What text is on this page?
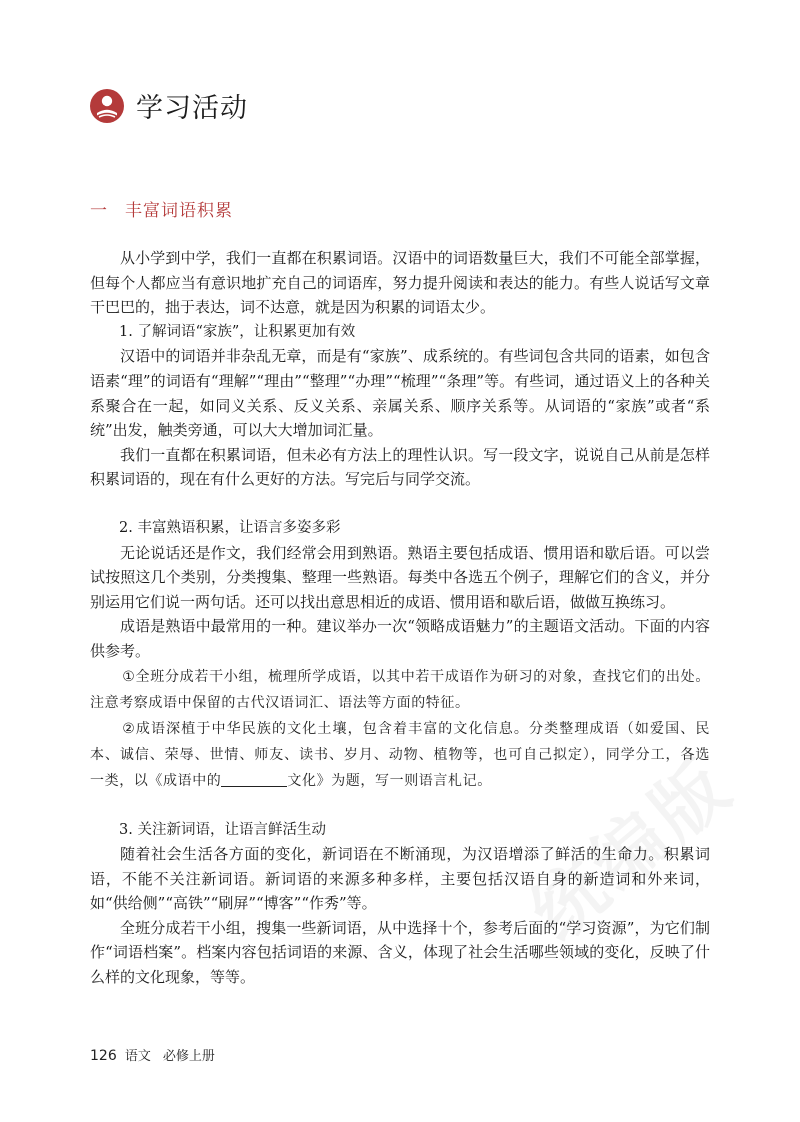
学习活动
一 丰富词语积累

从小学到中学，我们一直都在积累词语。汉语中的词语数量巨大，我们不可能全部掌握，但每个人都应当有意识地扩充自己的词语库，努力提升阅读和表达的能力。有些人说话写文章干巴巴的，拙于表达，词不达意，就是因为积累的词语太少。

1. 了解词语“家族”，让积累更加有效

汉语中的词语并非杂乱无章，而是有“家族”、成系统的。有些词包含共同的语素，如包含语素“理”的词语有“理解”“理由”“整理”“办理”“梳理”“条理”等。有些词，通过语义上的各种关系聚合在一起，如同义关系、反义关系、亲属关系、顺序关系等。从词语的“家族”或者“系统”出发，触类旁通，可以大大增加词汇量。

我们一直都在积累词语，但未必有方法上的理性认识。写一段文字，说说自己从前是怎样积累词语的，现在有什么更好的方法。写完后与同学交流。

2. 丰富熟语积累，让语言多姿多彩

无论说话还是作文，我们经常会用到熟语。熟语主要包括成语、惯用语和歇后语。可以尝试按照这几个类别，分类搜集、整理一些熟语。每类中各选五个例子，理解它们的含义，并分别运用它们说一两句话。还可以找出意思相近的成语、惯用语和歇后语，做做互换练习。

成语是熟语中最常用的一种。建议举办一次“领略成语魅力”的主题语文活动。下面的内容供参考。

①全班分成若干小组，梳理所学成语，以其中若干成语作为研习的对象，查找它们的出处。注意考察成语中保留的古代汉语词汇、语法等方面的特征。

②成语深植于中华民族的文化土壤，包含着丰富的文化信息。分类整理成语（如爱国、民本、诚信、荣辱、世情、师友、读书、岁月、动物、植物等，也可自己拟定），同学分工，各选一类，以《成语中的	文化》为题，写一则语言札记。

3. 关注新词语，让语言鲜活生动

随着社会生活各方面的变化，新词语在不断涌现，为汉语增添了鲜活的生命力。积累词语，不能不关注新词语。新词语的来源多种多样，主要包括汉语自身的新造词和外来词，如“供给侧”“高铁”“刷屏”“博客”“作秀”等。

全班分成若干小组，搜集一些新词语，从中选择十个，参考后面的“学习资源”，为它们制作“词语档案”。档案内容包括词语的来源、含义，体现了社会生活哪些领域的变化，反映了什么样的文化现象，等等。

126 语文 必修上册
